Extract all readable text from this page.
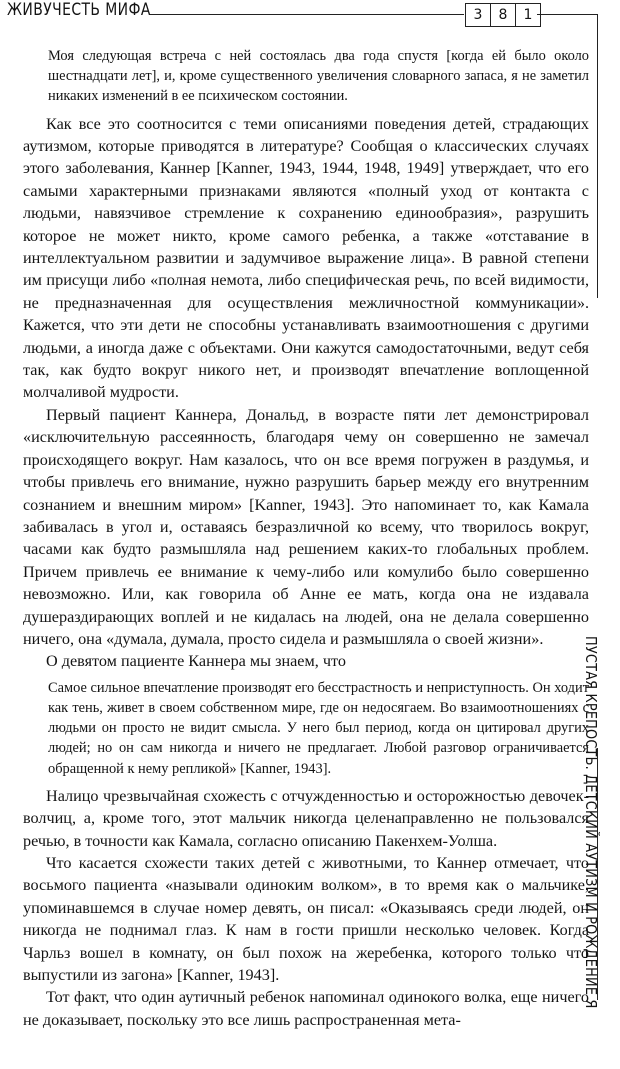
ЖИВУЧЕСТЬ МИФА	3	8	1
ПУСТАЯ КРЕПОСТЬ. ДЕТСКИЙ АУТИЗМ И РОЖДЕНИЕ Я

Моя следующая встреча с ней состоялась два года спустя [когда ей было около шестнадцати лет], и, кроме существенного увеличения словарного запаса, я не заметил никаких изменений в ее психическом состоянии.

Как все это соотносится с теми описаниями поведения детей, страдающих аутизмом, которые приводятся в литературе? Сообщая о классических случаях этого заболевания, Каннер [Kanner, 1943, 1944, 1948, 1949] утверждает, что его самыми характерными признаками являются «полный уход от контакта с людьми, навязчивое стремление к сохранению единообразия», разрушить которое не может никто, кроме самого ребенка, а также «отставание в интеллектуальном развитии и задумчивое выражение лица». В равной степени им присущи либо «полная немота, либо специфическая речь, по всей видимости, не предназначенная для осуществления межличностной коммуникации». Кажется, что эти дети не способны устанавливать взаимоотношения с другими людьми, а иногда даже с объектами. Они кажутся самодостаточными, ведут себя так, как будто вокруг никого нет, и производят впечатление воплощенной молчаливой мудрости.

Первый пациент Каннера, Дональд, в возрасте пяти лет демонстрировал «исключительную рассеянность, благодаря чему он совершенно не замечал происходящего вокруг. Нам казалось, что он все время погружен в раздумья, и чтобы привлечь его внимание, нужно разрушить барьер между его внутренним сознанием и внешним миром» [Kanner, 1943]. Это напоминает то, как Камала забивалась в угол и, оставаясь безразличной ко всему, что творилось вокруг, часами как будто размышляла над решением каких-то глобальных проблем. Причем привлечь ее внимание к чему-либо или комулибо было совершенно невозможно. Или, как говорила об Анне ее мать, когда она не издавала душераздирающих воплей и не кидалась на людей, она не делала совершенно ничего, она «думала, думала, просто сидела и размышляла о своей жизни».

О девятом пациенте Каннера мы знаем, что

Самое сильное впечатление производят его бесстрастность и неприступность. Он ходит как тень, живет в своем собственном мире, где он недосягаем. Во взаимоотношениях с людьми он просто не видит смысла. У него был период, когда он цитировал других людей; но он сам никогда и ничего не предлагает. Любой разговор ограничивается обращенной к нему репликой» [Kanner, 1943].

Налицо чрезвычайная схожесть с отчужденностью и осторожностью девочек-волчиц, а, кроме того, этот мальчик никогда целенаправленно не пользовался речью, в точности как Камала, согласно описанию Пакенхем-Уолша.

Что касается схожести таких детей с животными, то Каннер отмечает, что восьмого пациента «называли одиноким волком», в то время как о мальчике, упоминавшемся в случае номер девять, он писал: «Оказываясь среди людей, он никогда не поднимал глаз. К нам в гости пришли несколько человек. Когда Чарльз вошел в комнату, он был похож на жеребенка, которого только что выпустили из загона» [Kanner, 1943].

Тот факт, что один аутичный ребенок напоминал одинокого волка, еще ничего не доказывает, поскольку это все лишь распространенная мета-
